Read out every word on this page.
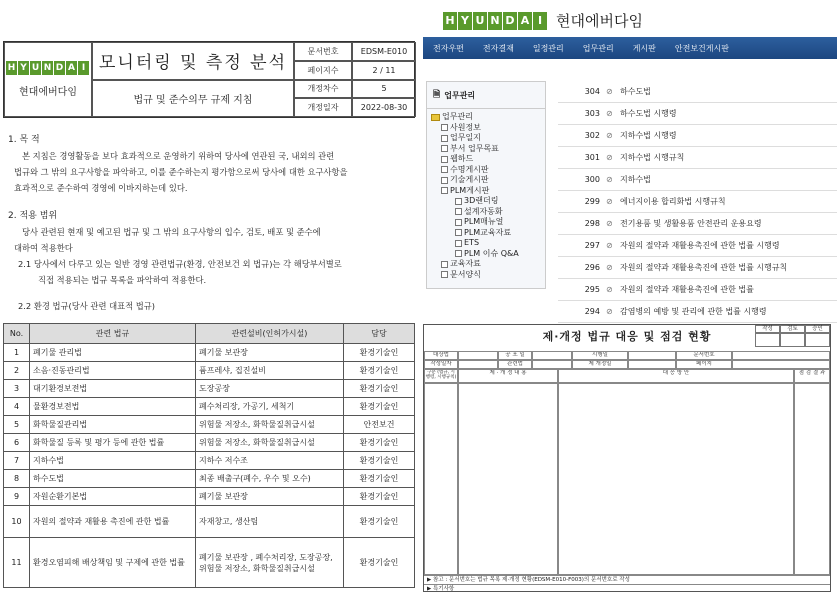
H Y U N D A I
현대에버다임
모니터링 및 측정 분석
문서번호	EDSM-E010
페이지수	2 / 11
법규 및 준수의무 규제 지침
개정차수	5
개정일자	2022-08-30
1. 목 적
본 지침은 경영활동을 보다 효과적으로 운영하기 위하여 당사에 연관된 국, 내외의 관련
법규와 그 밖의 요구사항을 파악하고, 이를 준수하는지 평가함으로써 당사에 대한 요구사항을
효과적으로 준수하여 경영에 이바지하는데 있다.
2. 적용 범위
당사 관련된 현재 및 예고된 법규 및 그 밖의 요구사항의 입수, 검토, 배포 및 준수에
대하여 적용한다
2.1 당사에서 다루고 있는 일반 경영 관련법규(환경, 안전보건 외 법규)는 각 해당부서별로
직접 적용되는 법규 목록을 파악하여 적용한다.
2.2 환경 법규(당사 관련 대표적 법규)
No.	관련 법규	관련설비(인허가시설)	담당
1	폐기물 관리법	폐기물 보관장	환경기술인
2	소음·진동관리법	퓸프레샤, 집진설비	환경기술인
3	대기환경보전법	도장공장	환경기술인
4	물환경보전법	폐수처리장, 가공기, 세척기	환경기술인
5	화학물질관리법	위험물 저장소, 화학물질취급시설	안전보건
6	화학물질 등록 및 평가 등에 관한 법률	위험물 저장소, 화학물질취급시설	환경기술인
7	지하수법	지하수 저수조	환경기술인
8	하수도법	최종 배출구(폐수, 우수 및 오수)	환경기술인
9	자원순환기본법	폐기물 보관장	환경기술인
10	자원의 절약과 재활용 촉진에 관한 법률	자재창고, 생산팀	환경기술인
11	환경오염피해 배상책임 및 구제에 관한 법률	폐기물 보관장 , 폐수처리장, 도장공장,위험물 저장소, 화학물질취급시설	환경기술인
H Y U N D A I 현대에버다임
전자우편 전자결재 일정관리 업무관리 게시판 안전보건게시판
🗎 업무관리
업무관리
사원정보
업무일지
부서 업무목표
웹하드
수명게시판
기술게시판
PLM게시판
3D랜더링
설계자동화
PLM매뉴얼
PLM교육자료
ETS
PLM 이슈 Q&A
교육자료
문서양식
304 ⊘ 하수도법
303 ⊘ 하수도법 시행령
302 ⊘ 지하수법 시행령
301 ⊘ 지하수법 시행규칙
300 ⊘ 지하수법
299 ⊘ 에너지이용 합리화법 시행규칙
298 ⊘ 전기용품 및 생활용품 안전관리 운용요령
297 ⊘ 자원의 절약과 재활용촉진에 관한 법률 시행령
296 ⊘ 자원의 절약과 재활용촉진에 관한 법률 시행규칙
295 ⊘ 자원의 절약과 재활용촉진에 관한 법률
294 ⊘ 감염병의 예방 및 관리에 관한 법률 시행령
제·개정 법규 대응 및 점검 현황
작성	검토	승인
대상법	공 포 일	시행일	문서번호
작성일자	관련법	제 개정일	페이지
구분 (법규, 시행령, 시행규칙)
제 · 개 정 내 용	대 응 방 안	점 검 결 과
▶ 참고 : 문서번호는 법규 목록 제·개정 현황(EDSM-E010-F003)의 문서번호로 작성
▶ 특기사항
